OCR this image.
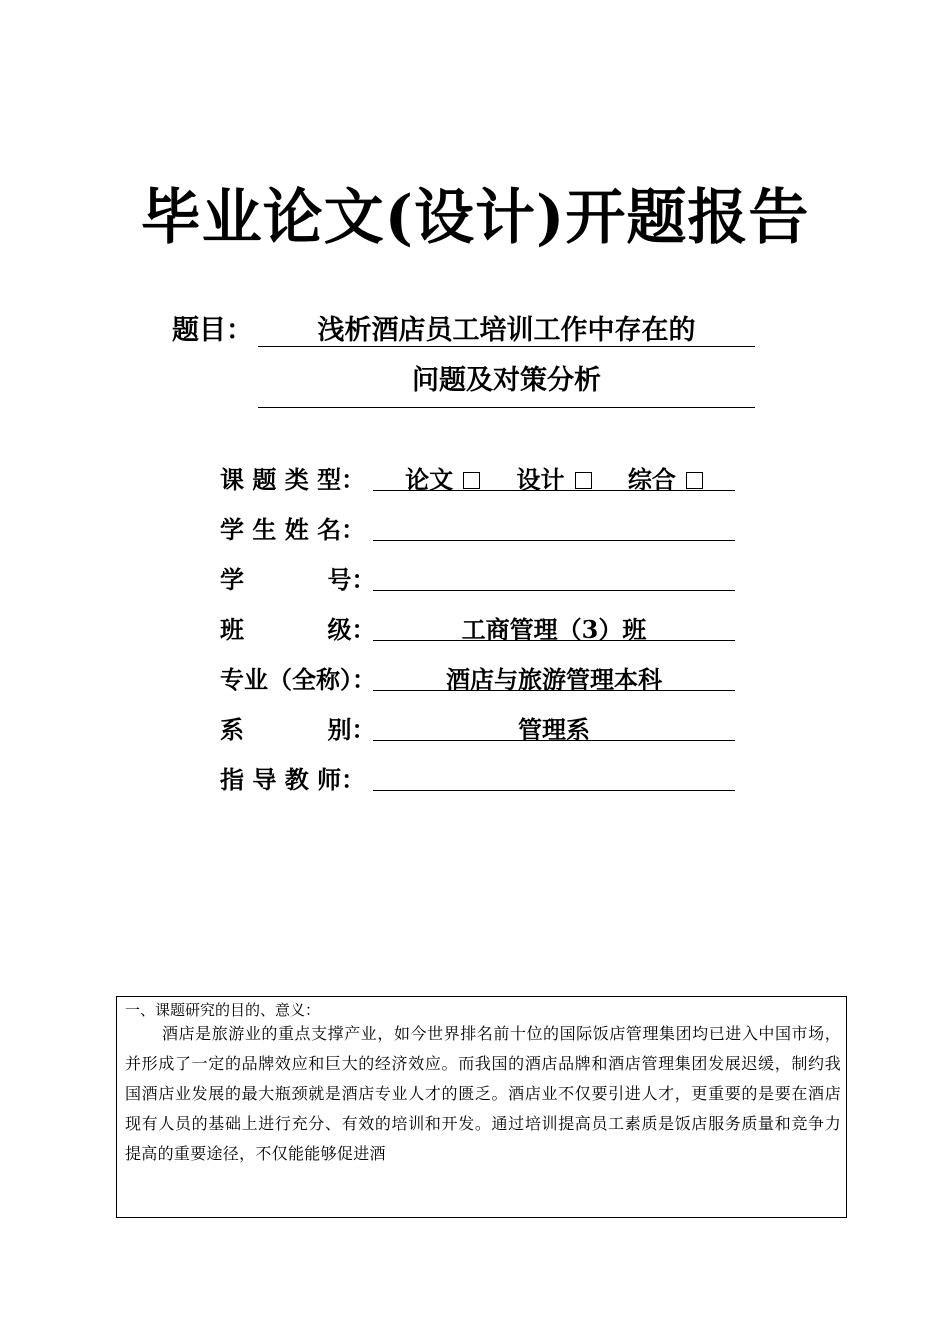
毕业论文(设计)开题报告
题目：	浅析酒店员工培训工作中存在的
问题及对策分析
课 题 类 型：	论文	设计	综合
学 生 姓 名：
学          号：
班          级：	工商管理（3）班
专业（全称）：	酒店与旅游管理本科
系          别：	管理系
指 导 教 师：
一、课题研究的目的、意义：
酒店是旅游业的重点支撑产业，如今世界排名前十位的国际饭店管理集团均已进入中国市场，并形成了一定的品牌效应和巨大的经济效应。而我国的酒店品牌和酒店管理集团发展迟缓，制约我国酒店业发展的最大瓶颈就是酒店专业人才的匮乏。酒店业不仅要引进人才，更重要的是要在酒店现有人员的基础上进行充分、有效的培训和开发。通过培训提高员工素质是饭店服务质量和竞争力提高的重要途径，不仅能能够促进酒
